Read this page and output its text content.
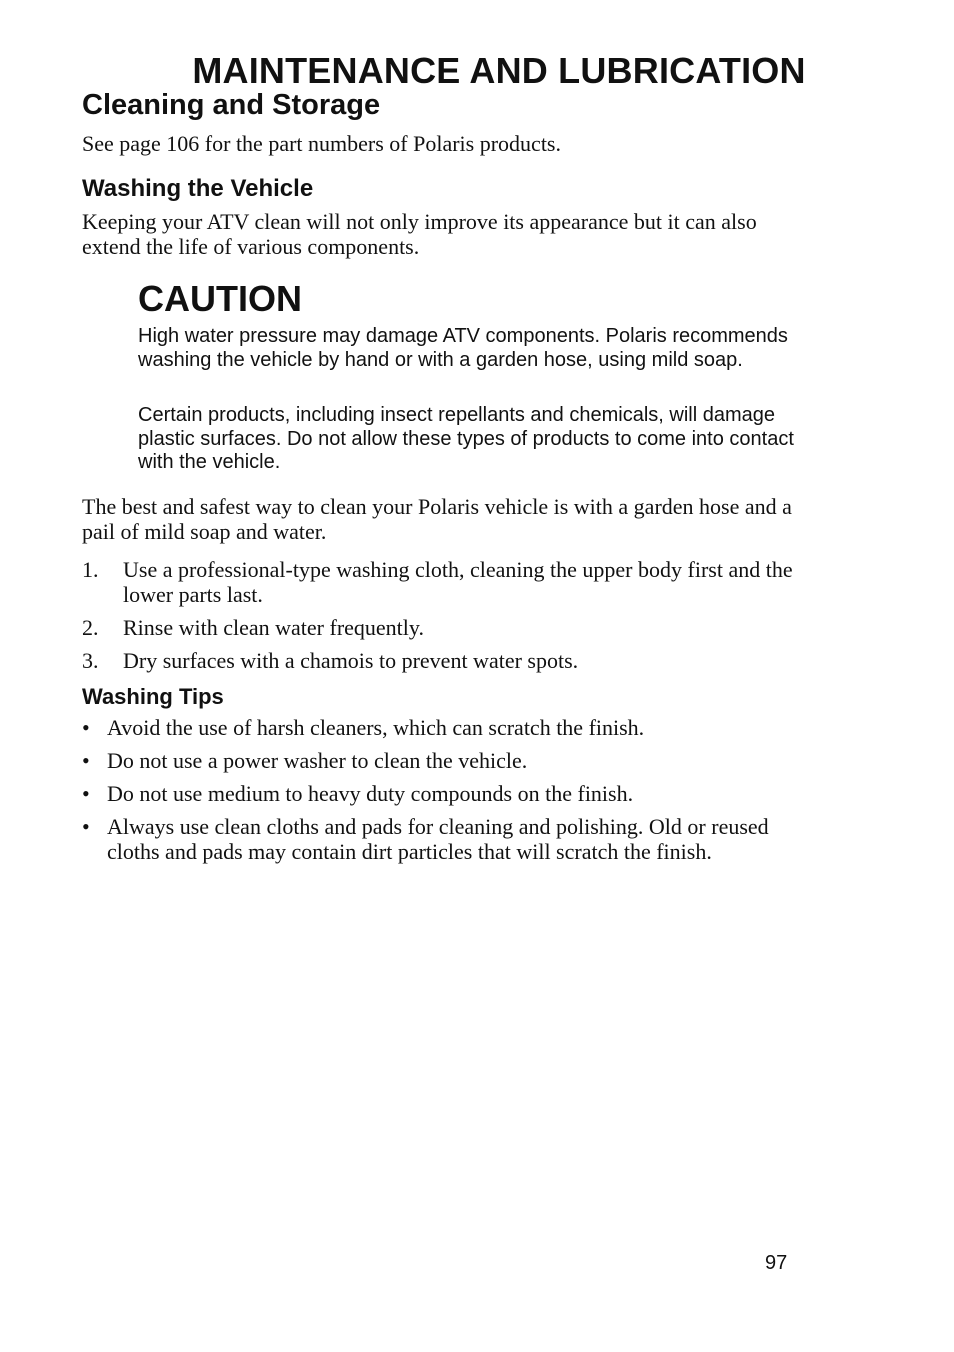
MAINTENANCE AND LUBRICATION
Cleaning and Storage

See page 106 for the part numbers of Polaris products.

Washing the Vehicle

Keeping your ATV clean will not only improve its appearance but it can also extend the life of various components.

CAUTION

High water pressure may damage ATV components. Polaris recommends washing the vehicle by hand or with a garden hose, using mild soap.

Certain products, including insect repellants and chemicals, will damage plastic surfaces. Do not allow these types of products to come into contact with the vehicle.

The best and safest way to clean your Polaris vehicle is with a garden hose and a pail of mild soap and water.

1. Use a professional-type washing cloth, cleaning the upper body first and the lower parts last.
2. Rinse with clean water frequently.
3. Dry surfaces with a chamois to prevent water spots.
Washing Tips
• Avoid the use of harsh cleaners, which can scratch the finish.
• Do not use a power washer to clean the vehicle.
• Do not use medium to heavy duty compounds on the finish.
• Always use clean cloths and pads for cleaning and polishing. Old or reused cloths and pads may contain dirt particles that will scratch the finish.
97
